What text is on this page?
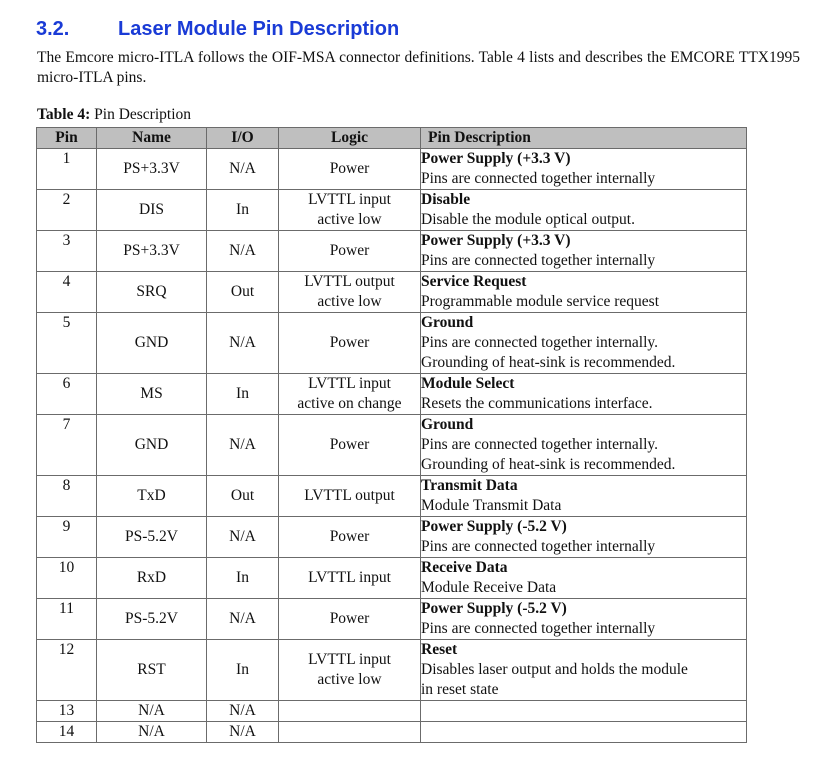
3.2. Laser Module Pin Description
The Emcore micro-ITLA follows the OIF-MSA connector definitions. Table 4 lists and describes the EMCORE TTX1995 micro-ITLA pins.
Table 4: Pin Description
Pin	Name	I/O	Logic	Pin Description
1	PS+3.3V	N/A	Power	Power Supply (+3.3 V)
Pins are connected together internally

2	DIS	In	LVTTL input
active low	Disable
Disable the module optical output.

3	PS+3.3V	N/A	Power	Power Supply (+3.3 V)
Pins are connected together internally

4	SRQ	Out	LVTTL output
active low	Service Request
Programmable module service request

5	GND	N/A	Power	Ground
Pins are connected together internally.
Grounding of heat-sink is recommended.

6	MS	In	LVTTL input
active on change	Module Select
Resets the communications interface.

7	GND	N/A	Power	Ground
Pins are connected together internally.
Grounding of heat-sink is recommended.

8	TxD	Out	LVTTL output	Transmit Data
Module Transmit Data

9	PS-5.2V	N/A	Power	Power Supply (-5.2 V)
Pins are connected together internally

10	RxD	In	LVTTL input	Receive Data
Module Receive Data

11	PS-5.2V	N/A	Power	Power Supply (-5.2 V)
Pins are connected together internally

12	RST	In	LVTTL input
active low	Reset
Disables laser output and holds the module
in reset state

13	N/A	N/A		
14	N/A	N/A		
